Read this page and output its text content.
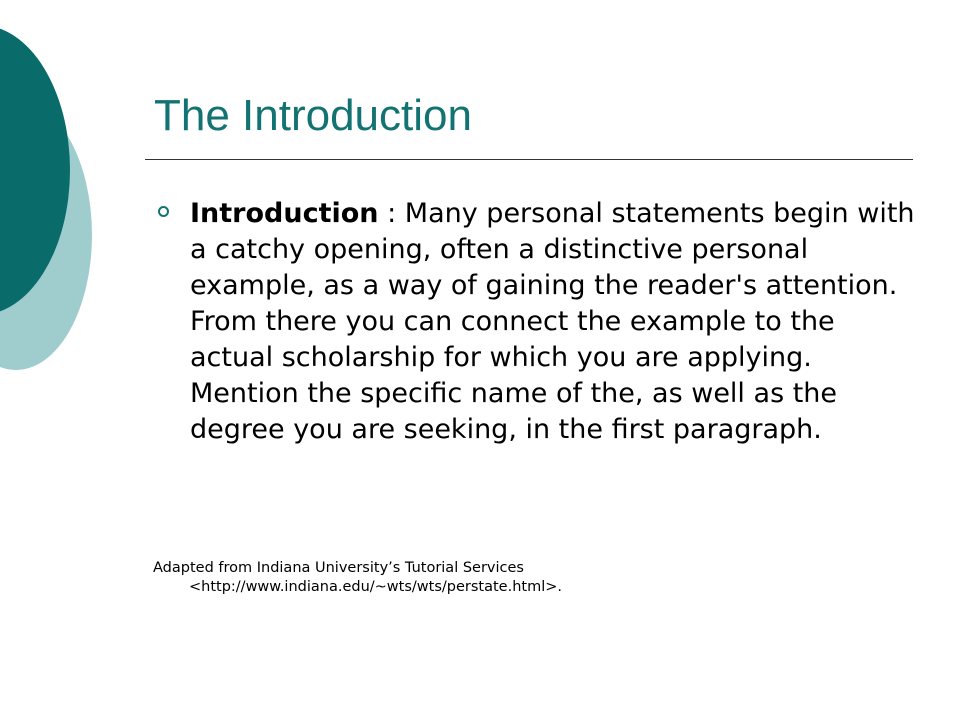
The Introduction
Introduction : Many personal statements begin with a catchy opening, often a distinctive personal example, as a way of gaining the reader's attention. From there you can connect the example to the actual scholarship for which you are applying. Mention the specific name of the, as well as the degree you are seeking, in the first paragraph.
Adapted from Indiana University’s Tutorial Services
<http://www.indiana.edu/~wts/wts/perstate.html>.
